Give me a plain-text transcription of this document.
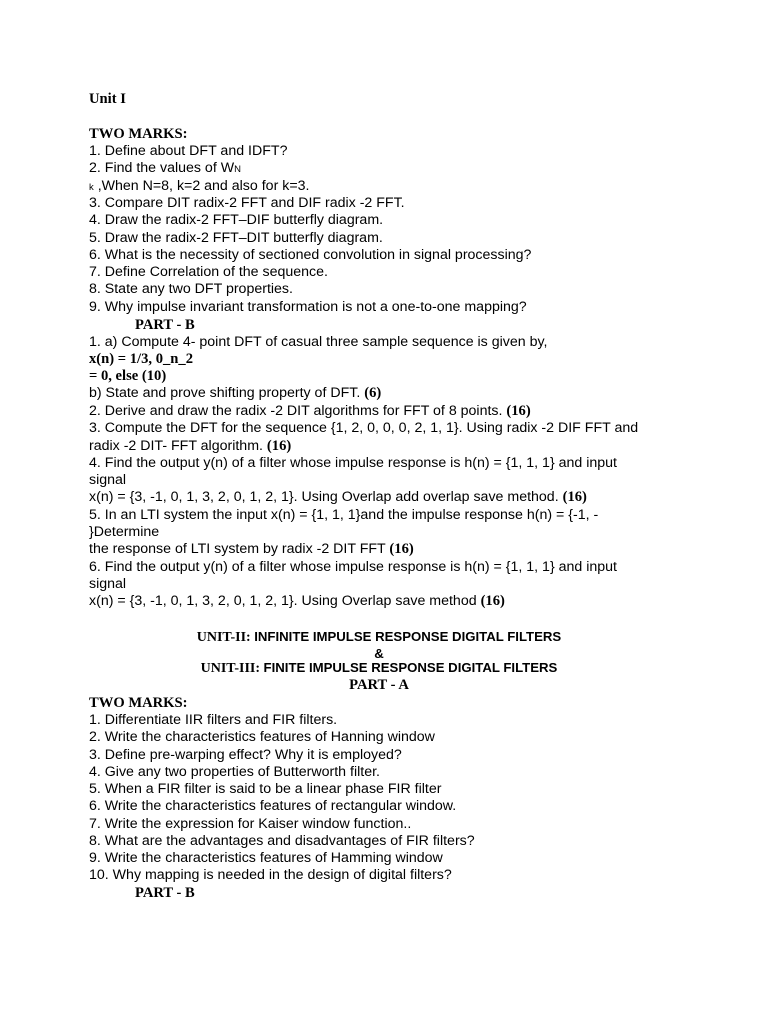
Unit I
TWO MARKS:
1. Define about DFT and IDFT?
2. Find the values of WN
k ,When N=8, k=2 and also for k=3.
3. Compare DIT radix-2 FFT and DIF radix -2 FFT.
4. Draw the radix-2 FFT–DIF butterfly diagram.
5. Draw the radix-2 FFT–DIT butterfly diagram.
6. What is the necessity of sectioned convolution in signal processing?
7. Define Correlation of the sequence.
8. State any two DFT properties.
9. Why impulse invariant transformation is not a one-to-one mapping?
PART - B
1. a) Compute 4- point DFT of casual three sample sequence is given by,
x(n) = 1/3, 0_n_2
= 0, else (10)
b) State and prove shifting property of DFT. (6)
2. Derive and draw the radix -2 DIT algorithms for FFT of 8 points. (16)
3. Compute the DFT for the sequence {1, 2, 0, 0, 0, 2, 1, 1}. Using radix -2 DIF FFT and
radix -2 DIT- FFT algorithm. (16)
4. Find the output y(n) of a filter whose impulse response is h(n) = {1, 1, 1} and input
signal
x(n) = {3, -1, 0, 1, 3, 2, 0, 1, 2, 1}. Using Overlap add overlap save method. (16)
5. In an LTI system the input x(n) = {1, 1, 1}and the impulse response h(n) = {-1, -
}Determine
the response of LTI system by radix -2 DIT FFT (16)
6. Find the output y(n) of a filter whose impulse response is h(n) = {1, 1, 1} and input
signal
x(n) = {3, -1, 0, 1, 3, 2, 0, 1, 2, 1}. Using Overlap save method (16)
UNIT-II: INFINITE IMPULSE RESPONSE DIGITAL FILTERS
&
UNIT-III: FINITE IMPULSE RESPONSE DIGITAL FILTERS
PART - A
TWO MARKS:
1. Differentiate IIR filters and FIR filters.
2. Write the characteristics features of Hanning window
3. Define pre-warping effect? Why it is employed?
4. Give any two properties of Butterworth filter.
5. When a FIR filter is said to be a linear phase FIR filter
6. Write the characteristics features of rectangular window.
7. Write the expression for Kaiser window function..
8. What are the advantages and disadvantages of FIR filters?
9. Write the characteristics features of Hamming window
10. Why mapping is needed in the design of digital filters?
PART - B
